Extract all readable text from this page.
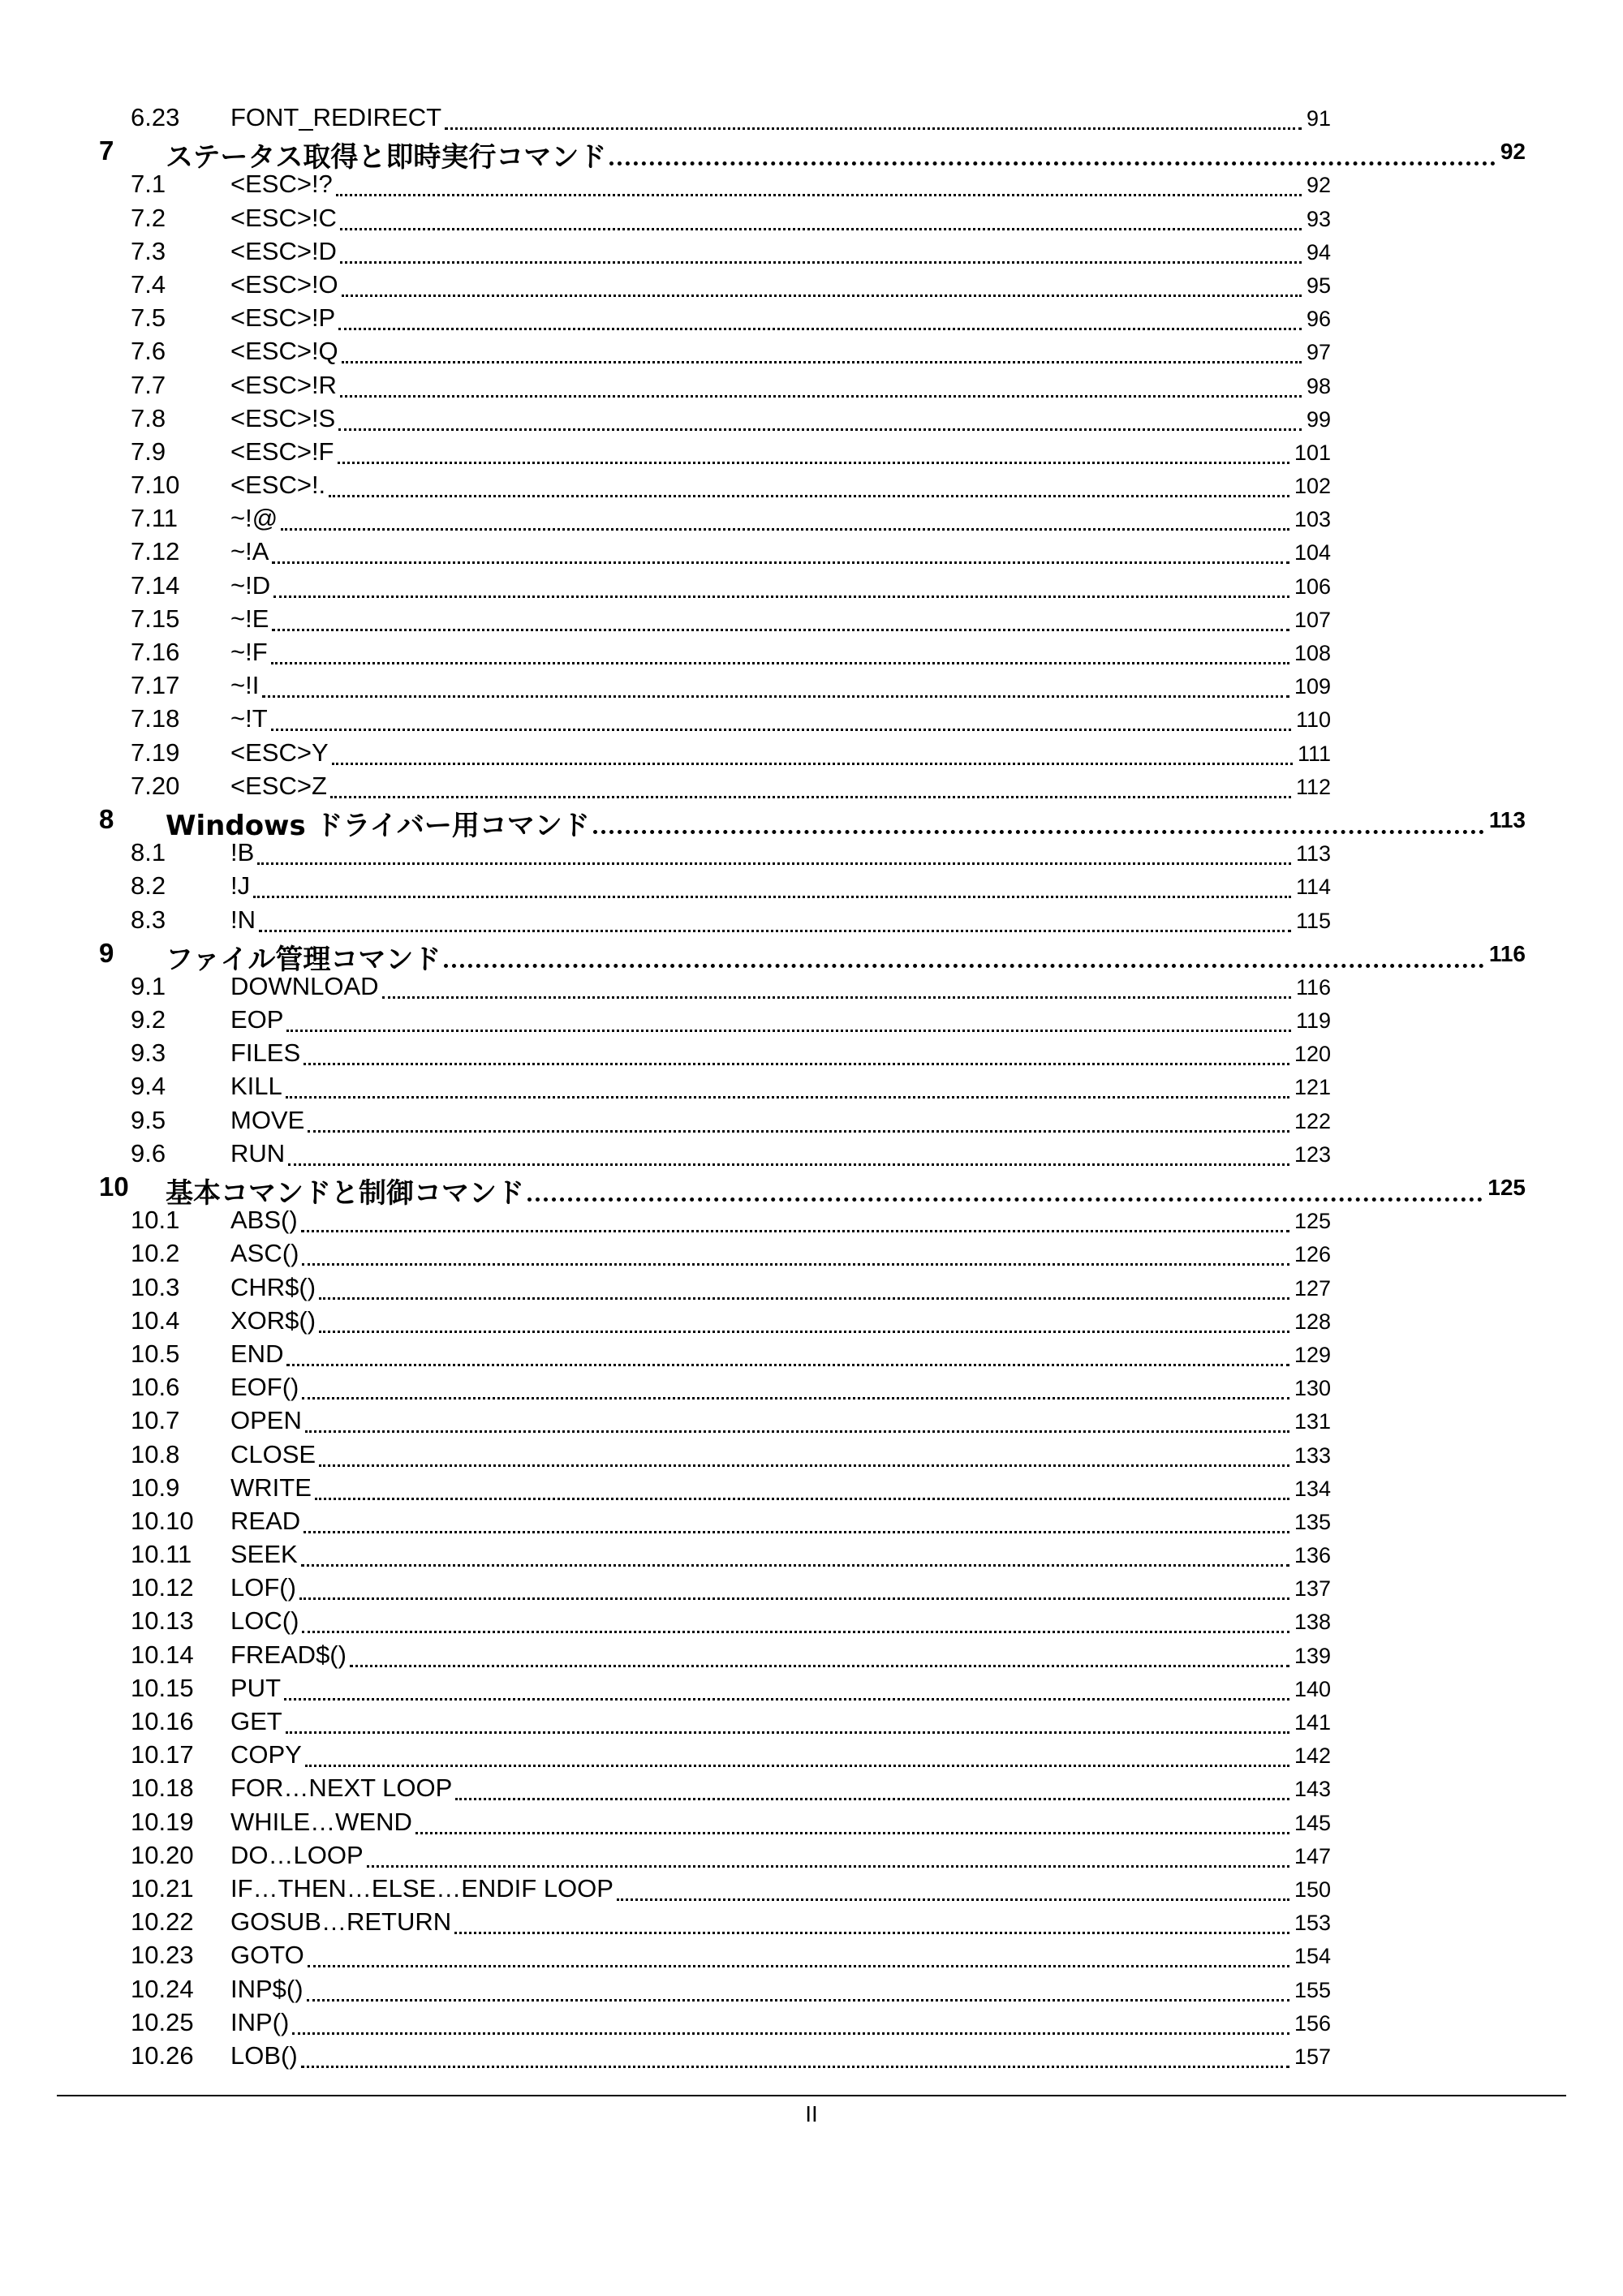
6.23 FONT_REDIRECT	91
7 ステータス取得と即時実行コマンド	92
7.1	<ESC>!?	92
7.2	<ESC>!C	93
7.3	<ESC>!D	94
7.4	<ESC>!O	95
7.5	<ESC>!P	96
7.6	<ESC>!Q	97
7.7	<ESC>!R	98
7.8	<ESC>!S	99
7.9	<ESC>!F	101
7.10 <ESC>!.	102
7.11 ~!@	103
7.12 ~!A	104
7.14 ~!D	106
7.15 ~!E	107
7.16 ~!F	108
7.17 ~!I	109
7.18 ~!T	110
7.19 <ESC>Y	111
7.20 <ESC>Z	112
8 Windows ドライバー用コマンド	113
8.1	!B	113
8.2	!J	114
8.3	!N	115
9 ファイル管理コマンド	116
9.1	DOWNLOAD	116
9.2	EOP	119
9.3	FILES	120
9.4	KILL	121
9.5	MOVE	122
9.6	RUN	123
10 基本コマンドと制御コマンド	125
10.1 ABS()	125
10.2 ASC()	126
10.3 CHR$()	127
10.4 XOR$()	128
10.5 END	129
10.6 EOF()	130
10.7 OPEN	131
10.8 CLOSE	133
10.9 WRITE	134
10.10 READ	135
10.11 SEEK	136
10.12 LOF()	137
10.13 LOC()	138
10.14 FREAD$()	139
10.15 PUT	140
10.16 GET	141
10.17 COPY	142
10.18 FOR…NEXT LOOP	143
10.19 WHILE…WEND	145
10.20 DO…LOOP	147
10.21 IF…THEN…ELSE…ENDIF LOOP	150
10.22 GOSUB…RETURN	153
10.23 GOTO	154
10.24 INP$()	155
10.25 INP()	156
10.26 LOB()	157
II
